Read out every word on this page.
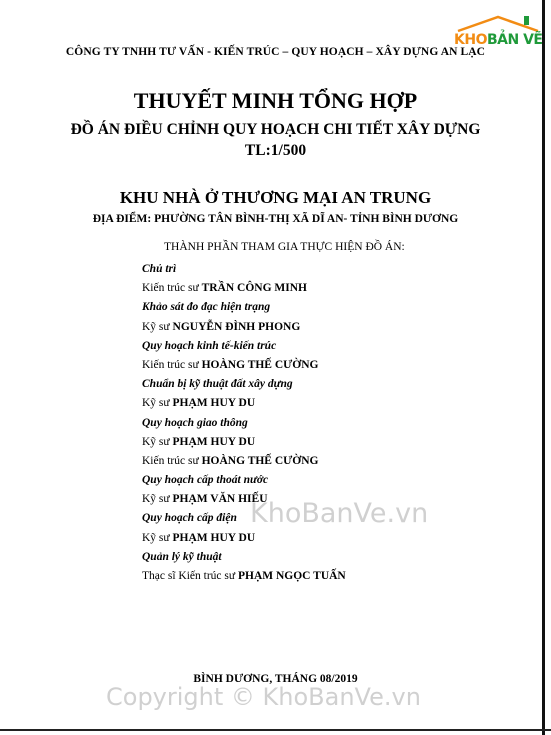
KHOBẢN VẼ
CÔNG TY TNHH TƯ VẤN - KIẾN TRÚC – QUY HOẠCH – XÂY DỰNG AN LẠC
THUYẾT MINH TỔNG HỢP
ĐỒ ÁN ĐIỀU CHỈNH QUY HOẠCH CHI TIẾT XÂY DỰNG
TL:1/500
KHU NHÀ Ở THƯƠNG MẠI AN TRUNG
ĐỊA ĐIỂM: PHƯỜNG TÂN BÌNH-THỊ XÃ DĨ AN- TỈNH BÌNH DƯƠNG
THÀNH PHẦN THAM GIA THỰC HIỆN ĐỒ ÁN:
Chủ trì
Kiến trúc sư TRẦN CÔNG MINH
Khảo sát đo đạc hiện trạng
Kỹ sư NGUYỄN ĐÌNH PHONG
Quy hoạch kinh tế-kiến trúc
Kiến trúc sư HOÀNG THẾ CƯỜNG
Chuẩn bị kỹ thuật đất xây dựng
Kỹ sư PHẠM HUY DU
Quy hoạch giao thông
Kỹ sư PHẠM HUY DU
Kiến trúc sư HOÀNG THẾ CƯỜNG
Quy hoạch cấp thoát nước
Kỹ sư PHẠM VĂN HIẾU
Quy hoạch cấp điện
Kỹ sư PHẠM HUY DU
Quản lý kỹ thuật
Thạc sĩ Kiến trúc sư PHẠM NGỌC TUẤN
BÌNH DƯƠNG, THÁNG 08/2019
KhoBanVe.vn
Copyright © KhoBanVe.vn
